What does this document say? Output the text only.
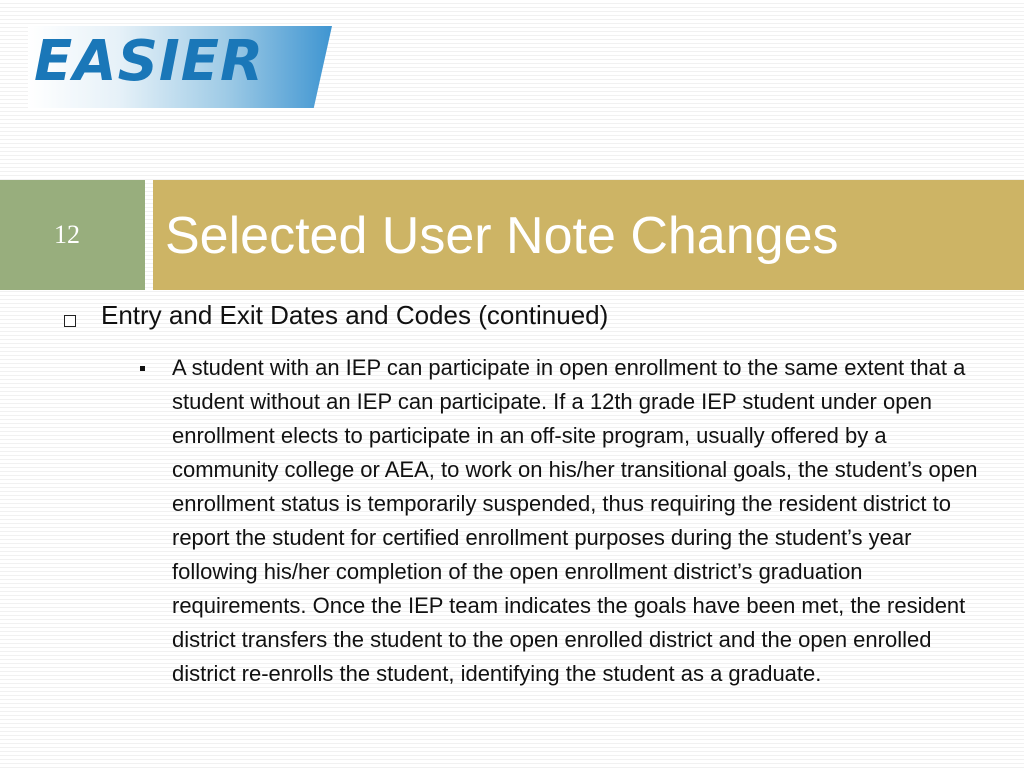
EASIER
12 Selected User Note Changes
Entry and Exit Dates and Codes (continued)
A student with an IEP can participate in open enrollment to the same extent that a student without an IEP can participate. If a 12th grade IEP student under open enrollment elects to participate in an off-site program, usually offered by a community college or AEA, to work on his/her transitional goals, the student’s open enrollment status is temporarily suspended, thus requiring the resident district to report the student for certified enrollment purposes during the student’s year following his/her completion of the open enrollment district’s graduation requirements. Once the IEP team indicates the goals have been met, the resident district transfers the student to the open enrolled district and the open enrolled district re-enrolls the student, identifying the student as a graduate.
